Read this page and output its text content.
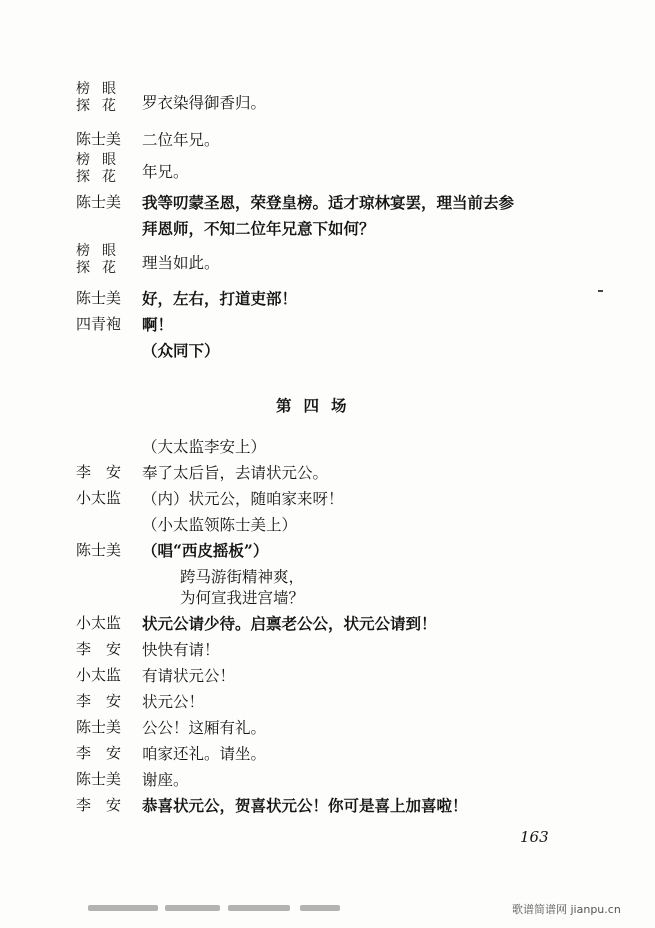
榜眼
探花 罗衣染得御香归。
陈士美 二位年兄。
榜眼
探花 年兄。
陈士美 我等叨蒙圣恩，荣登皇榜。适才琼林宴罢，理当前去参
拜恩师，不知二位年兄意下如何？
榜眼
探花 理当如此。
陈士美 好，左右，打道吏部！
四青袍 啊！
（众同下）
第四场
（大太监李安上）
李　安 奉了太后旨，去请状元公。
小太监 （内）状元公，随咱家来呀！
（小太监领陈士美上）
陈士美 （唱“西皮摇板”）
跨马游街精神爽，
为何宣我进宫墙？
小太监 状元公请少待。启禀老公公，状元公请到！
李　安 快快有请！
小太监 有请状元公！
李　安 状元公！
陈士美 公公！这厢有礼。
李　安 咱家还礼。请坐。
陈士美 谢座。
李　安 恭喜状元公，贺喜状元公！你可是喜上加喜啦！
163
歌谱简谱网 jianpu.cn
